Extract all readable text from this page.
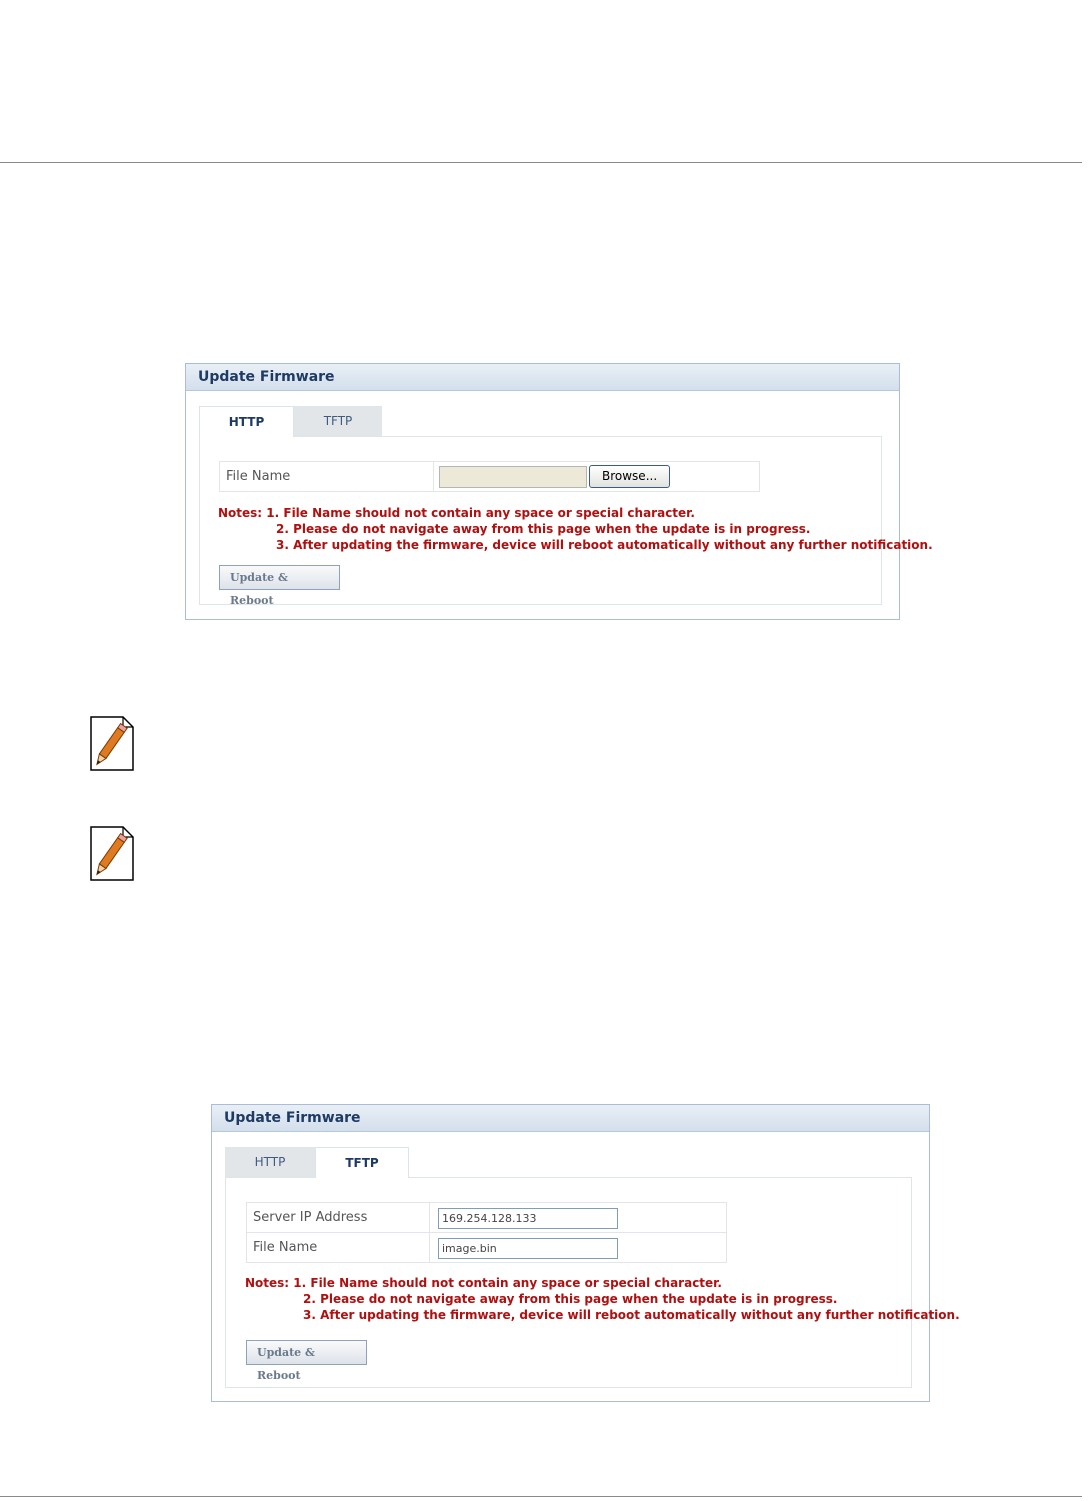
Update Firmware
HTTP	TFTP
File Name	Browse...
Notes: 1. File Name should not contain any space or special character.
2. Please do not navigate away from this page when the update is in progress.
3. After updating the firmware, device will reboot automatically without any further notification.
Update & Reboot
Update Firmware
HTTP	TFTP
Server IP Address	169.254.128.133
File Name	image.bin
Notes: 1. File Name should not contain any space or special character.
2. Please do not navigate away from this page when the update is in progress.
3. After updating the firmware, device will reboot automatically without any further notification.
Update & Reboot
